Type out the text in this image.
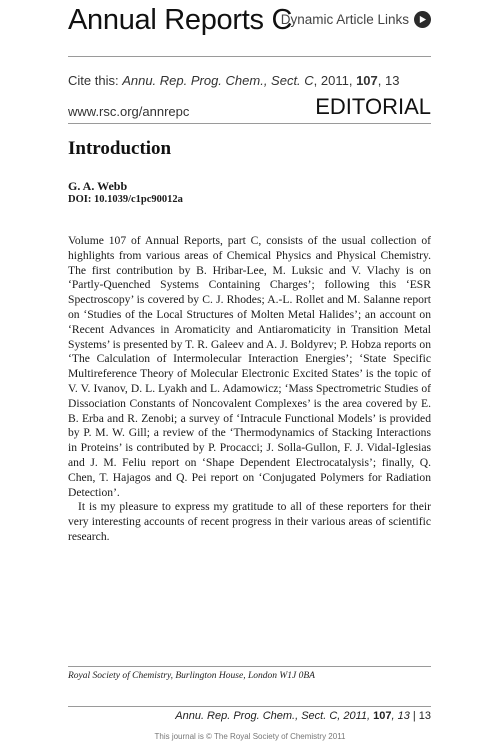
Annual Reports C
Dynamic Article Links
Cite this: Annu. Rep. Prog. Chem., Sect. C, 2011, 107, 13
www.rsc.org/annrepc	EDITORIAL
Introduction
G. A. Webb
DOI: 10.1039/c1pc90012a

Volume 107 of Annual Reports, part C, consists of the usual collection of highlights from various areas of Chemical Physics and Physical Chemistry. The first contribution by B. Hribar-Lee, M. Luksic and V. Vlachy is on ‘Partly-Quenched Systems Containing Charges’; following this ‘ESR Spectroscopy’ is covered by C. J. Rhodes; A.-L. Rollet and M. Salanne report on ‘Studies of the Local Structures of Molten Metal Halides’; an account on ‘Recent Advances in Aromaticity and Antiaromaticity in Transition Metal Systems’ is presented by T. R. Galeev and A. J. Boldyrev; P. Hobza reports on ‘The Calculation of Intermolecular Interaction Energies’; ‘State Specific Multireference Theory of Molecular Electronic Excited States’ is the topic of V. V. Ivanov, D. L. Lyakh and L. Adamowicz; ‘Mass Spectrometric Studies of Dissociation Constants of Noncovalent Complexes’ is the area covered by E. B. Erba and R. Zenobi; a survey of ‘Intracule Functional Models’ is provided by P. M. W. Gill; a review of the ‘Thermodynamics of Stacking Interactions in Proteins’ is contributed by P. Procacci; J. Solla-Gullon, F. J. Vidal-Iglesias and J. M. Feliu report on ‘Shape Dependent Electrocatalysis’; finally, Q. Chen, T. Hajagos and Q. Pei report on ‘Conjugated Polymers for Radiation Detection’.

It is my pleasure to express my gratitude to all of these reporters for their very interesting accounts of recent progress in their various areas of scientific research.

Royal Society of Chemistry, Burlington House, London W1J 0BA
Annu. Rep. Prog. Chem., Sect. C, 2011, 107, 13 | 13
This journal is © The Royal Society of Chemistry 2011
